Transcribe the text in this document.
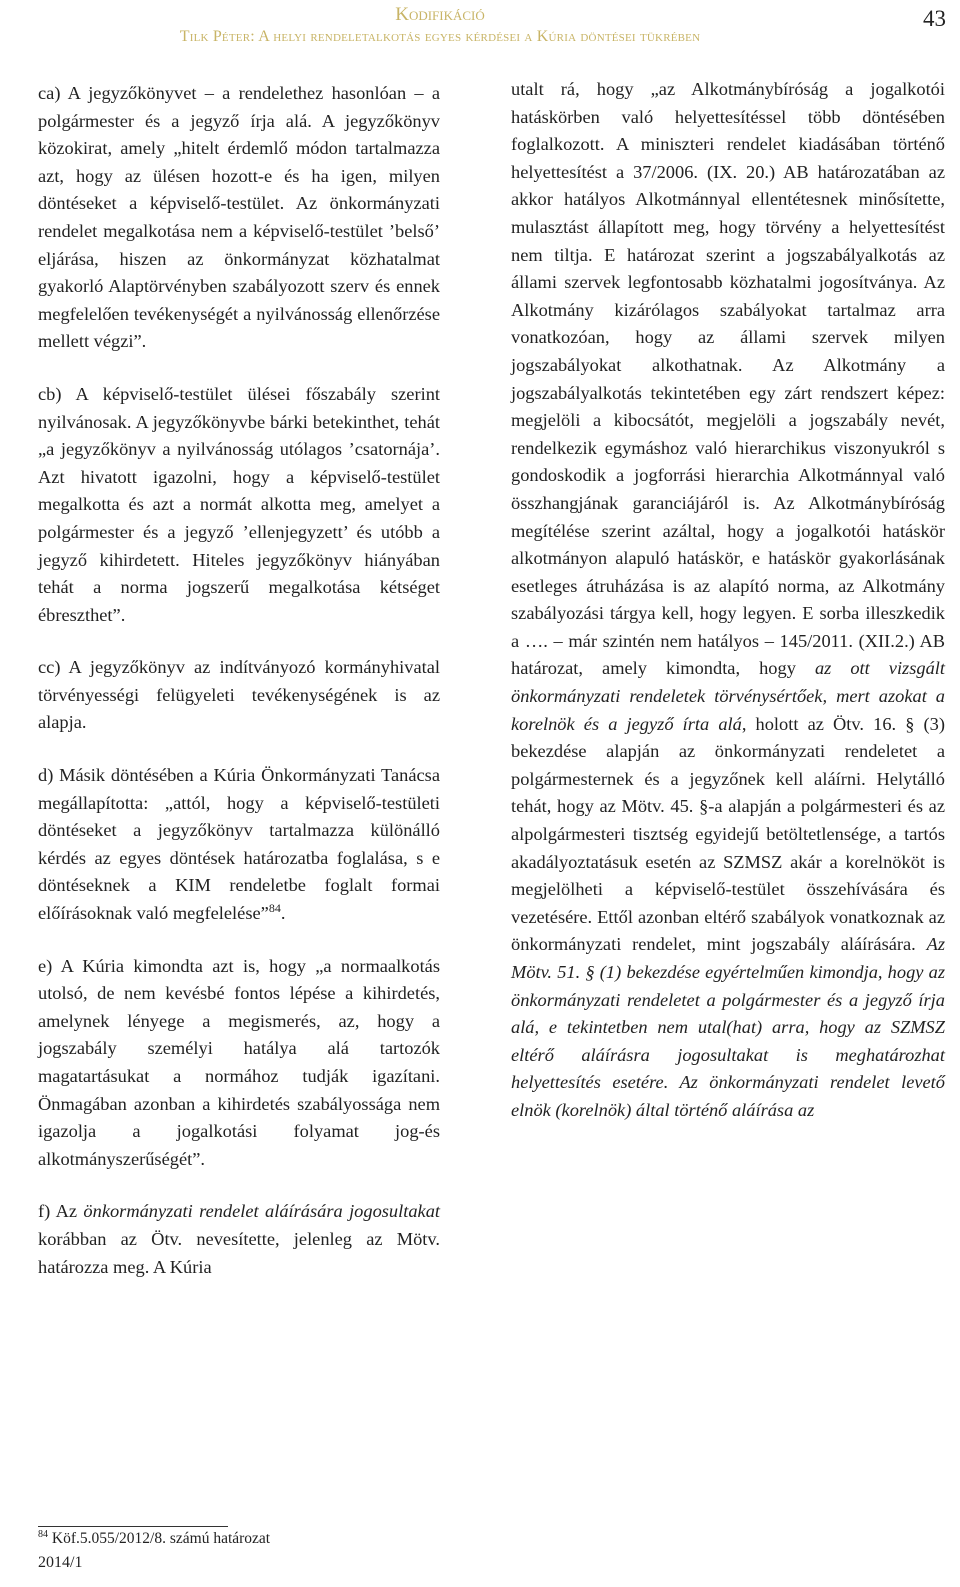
Kodifikáció
Tilk Péter: A helyi rendeletalkotás egyes kérdései a Kúria döntései tükrében
43

ca) A jegyzőkönyvet – a rendelethez hasonlóan – a polgármester és a jegyző írja alá. A jegyzőkönyv közokirat, amely „hitelt érdemlő módon tartalmazza azt, hogy az ülésen hozott-e és ha igen, milyen döntéseket a képviselő-testület. Az önkormányzati rendelet megalkotása nem a képviselő-testület ’belső’ eljárása, hiszen az önkormányzat közhatalmat gyakorló Alaptörvényben szabályozott szerv és ennek megfelelően tevékenységét a nyilvánosság ellenőrzése mellett végzi”.

cb) A képviselő-testület ülései főszabály szerint nyilvánosak. A jegyzőkönyvbe bárki betekinthet, tehát „a jegyzőkönyv a nyilvánosság utólagos ’csatornája’. Azt hivatott igazolni, hogy a képviselő-testület megalkotta és azt a normát alkotta meg, amelyet a polgármester és a jegyző ’ellenjegyzett’ és utóbb a jegyző kihirdetett. Hiteles jegyzőkönyv hiányában tehát a norma jogszerű megalkotása kétséget ébreszthet”.

cc) A jegyzőkönyv az indítványozó kormányhivatal törvényességi felügyeleti tevékenységének is az alapja.

d) Másik döntésében a Kúria Önkormányzati Tanácsa megállapította: „attól, hogy a képviselő-testületi döntéseket a jegyzőkönyv tartalmazza különálló kérdés az egyes döntések határozatba foglalása, s e döntéseknek a KIM rendeletbe foglalt formai előírásoknak való megfelelése”$^{84}$.

e) A Kúria kimondta azt is, hogy „a normaalkotás utolsó, de nem kevésbé fontos lépése a kihirdetés, amelynek lényege a megismerés, az, hogy a jogszabály személyi hatálya alá tartozók magatartásukat a normához tudják igazítani. Önmagában azonban a kihirdetés szabályossága nem igazolja a jogalkotási folyamat jog-és alkotmányszerűségét”.

f) Az önkormányzati rendelet aláírására jogosultakat korábban az Ötv. nevesítette, jelenleg az Mötv. határozza meg. A Kúria

utalt rá, hogy „az Alkotmánybíróság a jogalkotói hatáskörben való helyettesítéssel több döntésében foglalkozott. A miniszteri rendelet kiadásában történő helyettesítést a 37/2006. (IX. 20.) AB határozatában az akkor hatályos Alkotmánnyal ellentétesnek minősítette, mulasztást állapított meg, hogy törvény a helyettesítést nem tiltja. E határozat szerint a jogszabályalkotás az állami szervek legfontosabb közhatalmi jogosítványa. Az Alkotmány kizárólagos szabályokat tartalmaz arra vonatkozóan, hogy az állami szervek milyen jogszabályokat alkothatnak. Az Alkotmány a jogszabályalkotás tekintetében egy zárt rendszert képez: megjelöli a kibocsátót, megjelöli a jogszabály nevét, rendelkezik egymáshoz való hierarchikus viszonyukról s gondoskodik a jogforrási hierarchia Alkotmánnyal való összhangjának garanciájáról is. Az Alkotmánybíróság megítélése szerint azáltal, hogy a jogalkotói hatáskör alkotmányon alapuló hatáskör, e hatáskör gyakorlásának esetleges átruházása is az alapító norma, az Alkotmány szabályozási tárgya kell, hogy legyen. E sorba illeszkedik a …. – már szintén nem hatályos – 145/2011. (XII.2.) AB határozat, amely kimondta, hogy az ott vizsgált önkormányzati rendeletek törvénysértőek, mert azokat a korelnök és a jegyző írta alá, holott az Ötv. 16. § (3) bekezdése alapján az önkormányzati rendeletet a polgármesternek és a jegyzőnek kell aláírni. Helytálló tehát, hogy az Mötv. 45. §-a alapján a polgármesteri és az alpolgármesteri tisztség egyidejű betöltetlensége, a tartós akadályoztatásuk esetén az SZMSZ akár a korelnököt is megjelölheti a képviselő-testület összehívására és vezetésére. Ettől azonban eltérő szabályok vonatkoznak az önkormányzati rendelet, mint jogszabály aláírására. Az Mötv. 51. § (1) bekezdése egyértelműen kimondja, hogy az önkormányzati rendeletet a polgármester és a jegyző írja alá, e tekintetben nem utal(hat) arra, hogy az SZMSZ eltérő aláírásra jogosultakat is meghatározhat helyettesítés esetére. Az önkormányzati rendelet levető elnök (korelnök) által történő aláírása az

$^{84}$ Köf.5.055/2012/8. számú határozat
2014/1
